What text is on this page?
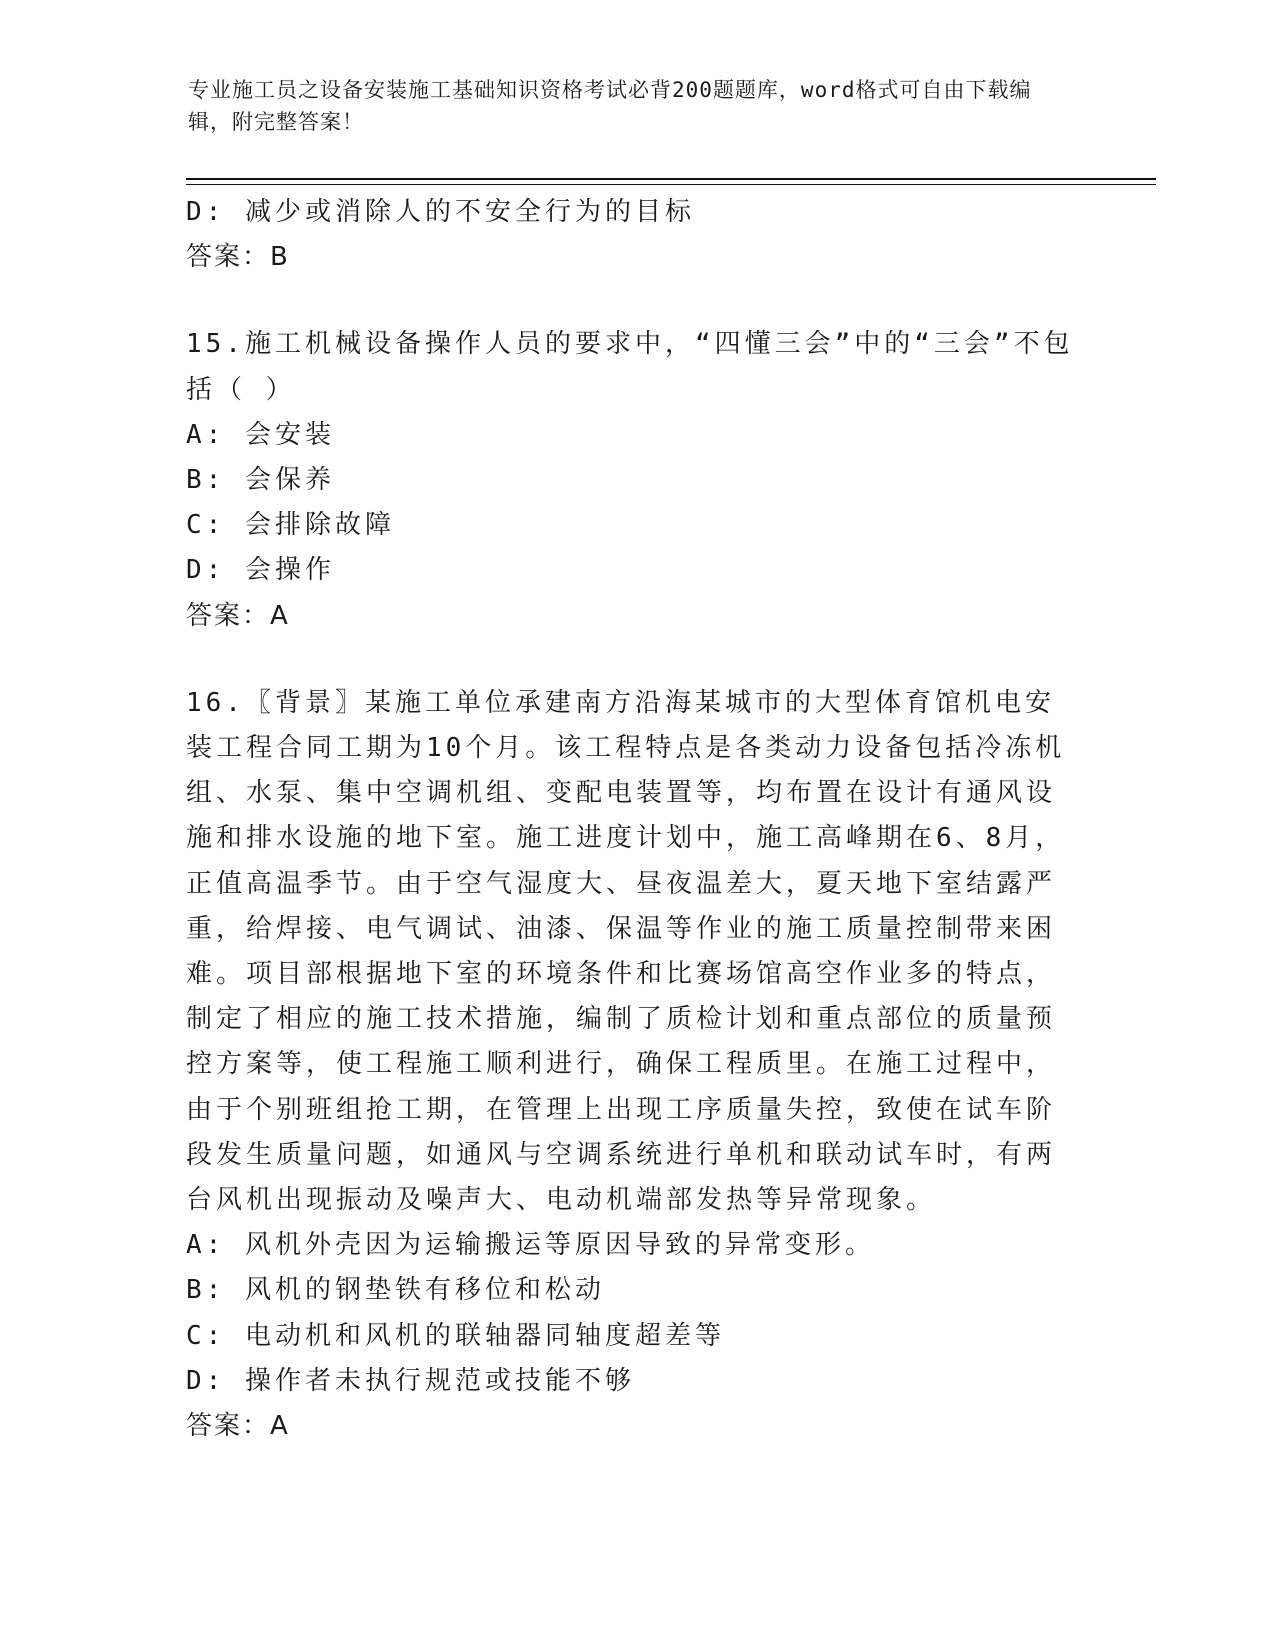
专业施工员之设备安装施工基础知识资格考试必背200题题库，word格式可自由下载编辑，附完整答案！

D: 减少或消除人的不安全行为的目标

答案：B

15.施工机械设备操作人员的要求中，“四懂三会”中的“三会”不包括（ ）

A: 会安装

B: 会保养

C: 会排除故障

D: 会操作

答案：A

16.〖背景〗某施工单位承建南方沿海某城市的大型体育馆机电安装工程合同工期为10个月。该工程特点是各类动力设备包括冷冻机组、水泵、集中空调机组、变配电装置等，均布置在设计有通风设施和排水设施的地下室。施工进度计划中，施工高峰期在6、8月，正值高温季节。由于空气湿度大、昼夜温差大，夏天地下室结露严重，给焊接、电气调试、油漆、保温等作业的施工质量控制带来困难。项目部根据地下室的环境条件和比赛场馆高空作业多的特点，制定了相应的施工技术措施，编制了质检计划和重点部位的质量预控方案等，使工程施工顺利进行，确保工程质里。在施工过程中，由于个别班组抢工期，在管理上出现工序质量失控，致使在试车阶段发生质量问题，如通风与空调系统进行单机和联动试车时，有两台风机出现振动及噪声大、电动机端部发热等异常现象。

A: 风机外壳因为运输搬运等原因导致的异常变形。

B: 风机的钢垫铁有移位和松动

C: 电动机和风机的联轴器同轴度超差等

D: 操作者未执行规范或技能不够

答案：A
